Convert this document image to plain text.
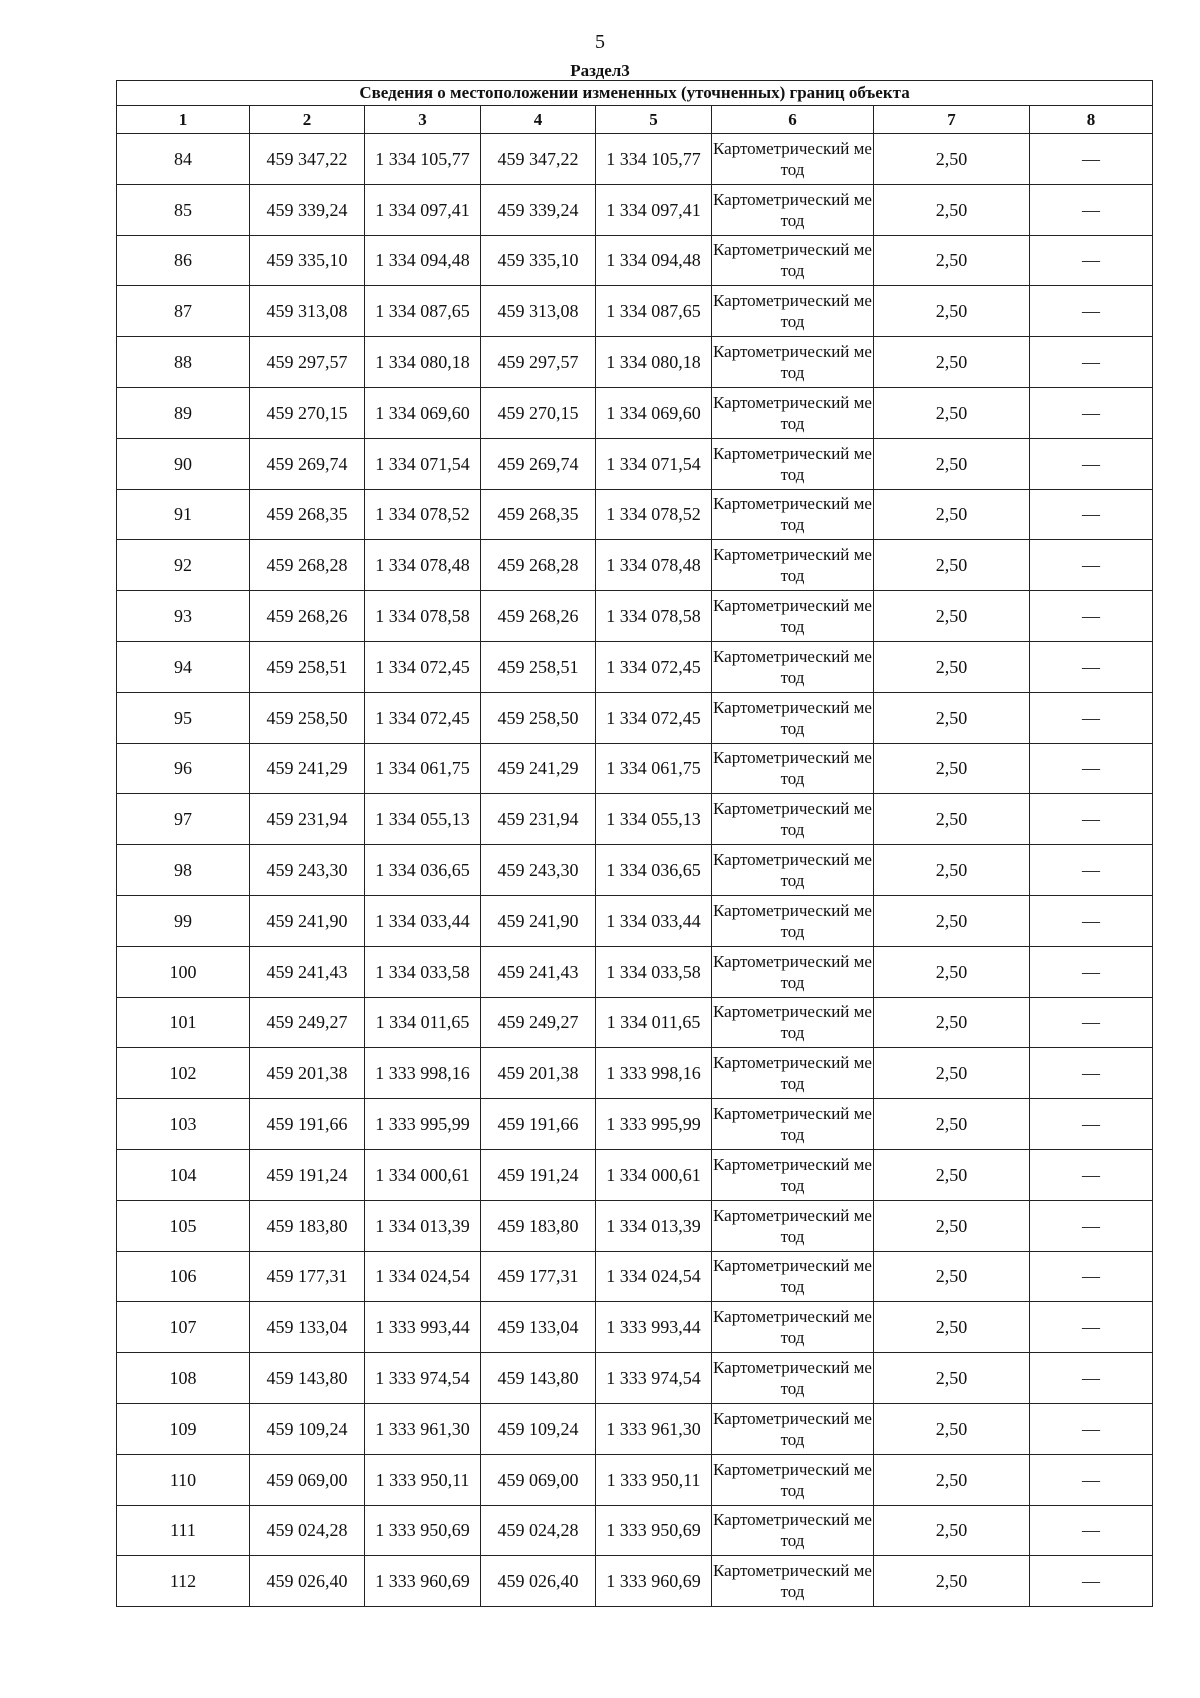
5
Раздел3
Сведения о местоположении измененных (уточненных) границ объекта							
1	2	3	4	5	6	7	8
84	459 347,22	1 334 105,77	459 347,22	1 334 105,77	Картометрический метод	2,50	—
85	459 339,24	1 334 097,41	459 339,24	1 334 097,41	Картометрический метод	2,50	—
86	459 335,10	1 334 094,48	459 335,10	1 334 094,48	Картометрический метод	2,50	—
87	459 313,08	1 334 087,65	459 313,08	1 334 087,65	Картометрический метод	2,50	—
88	459 297,57	1 334 080,18	459 297,57	1 334 080,18	Картометрический метод	2,50	—
89	459 270,15	1 334 069,60	459 270,15	1 334 069,60	Картометрический метод	2,50	—
90	459 269,74	1 334 071,54	459 269,74	1 334 071,54	Картометрический метод	2,50	—
91	459 268,35	1 334 078,52	459 268,35	1 334 078,52	Картометрический метод	2,50	—
92	459 268,28	1 334 078,48	459 268,28	1 334 078,48	Картометрический метод	2,50	—
93	459 268,26	1 334 078,58	459 268,26	1 334 078,58	Картометрический метод	2,50	—
94	459 258,51	1 334 072,45	459 258,51	1 334 072,45	Картометрический метод	2,50	—
95	459 258,50	1 334 072,45	459 258,50	1 334 072,45	Картометрический метод	2,50	—
96	459 241,29	1 334 061,75	459 241,29	1 334 061,75	Картометрический метод	2,50	—
97	459 231,94	1 334 055,13	459 231,94	1 334 055,13	Картометрический метод	2,50	—
98	459 243,30	1 334 036,65	459 243,30	1 334 036,65	Картометрический метод	2,50	—
99	459 241,90	1 334 033,44	459 241,90	1 334 033,44	Картометрический метод	2,50	—
100	459 241,43	1 334 033,58	459 241,43	1 334 033,58	Картометрический метод	2,50	—
101	459 249,27	1 334 011,65	459 249,27	1 334 011,65	Картометрический метод	2,50	—
102	459 201,38	1 333 998,16	459 201,38	1 333 998,16	Картометрический метод	2,50	—
103	459 191,66	1 333 995,99	459 191,66	1 333 995,99	Картометрический метод	2,50	—
104	459 191,24	1 334 000,61	459 191,24	1 334 000,61	Картометрический метод	2,50	—
105	459 183,80	1 334 013,39	459 183,80	1 334 013,39	Картометрический метод	2,50	—
106	459 177,31	1 334 024,54	459 177,31	1 334 024,54	Картометрический метод	2,50	—
107	459 133,04	1 333 993,44	459 133,04	1 333 993,44	Картометрический метод	2,50	—
108	459 143,80	1 333 974,54	459 143,80	1 333 974,54	Картометрический метод	2,50	—
109	459 109,24	1 333 961,30	459 109,24	1 333 961,30	Картометрический метод	2,50	—
110	459 069,00	1 333 950,11	459 069,00	1 333 950,11	Картометрический метод	2,50	—
111	459 024,28	1 333 950,69	459 024,28	1 333 950,69	Картометрический метод	2,50	—
112	459 026,40	1 333 960,69	459 026,40	1 333 960,69	Картометрический метод	2,50	—
